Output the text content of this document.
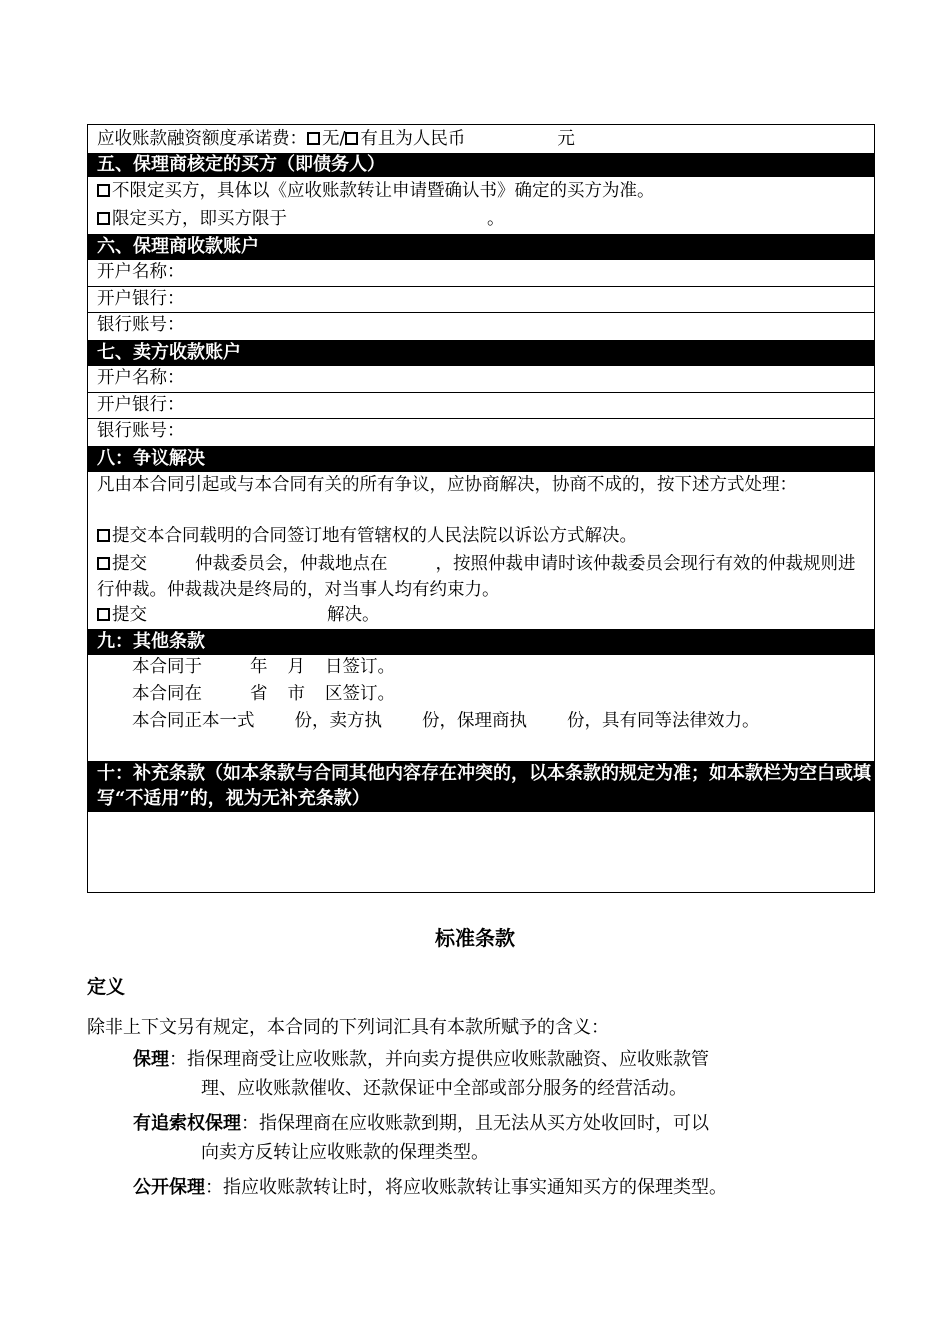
应收账款融资额度承诺费： 无/ 有且为人民币	元
五、保理商核定的买方（即债务人）
不限定买方，具体以《应收账款转让申请暨确认书》确定的买方为准。
限定买方，即买方限于	。
六、保理商收款账户
开户名称：
开户银行：
银行账号：
七、卖方收款账户
开户名称：
开户银行：
银行账号：
八：争议解决
凡由本合同引起或与本合同有关的所有争议，应协商解决，协商不成的，按下述方式处理：
提交本合同载明的合同签订地有管辖权的人民法院以诉讼方式解决。
提交	仲裁委员会，仲裁地点在	，按照仲裁申请时该仲裁委员会现行有效的仲裁规则进行仲裁。仲裁裁决是终局的，对当事人均有约束力。
提交	解决。
九：其他条款
本合同于	年 月 日签订。
本合同在	省 市 区签订。
本合同正本一式 份，卖方执 份，保理商执 份，具有同等法律效力。
十：补充条款（如本条款与合同其他内容存在冲突的，以本条款的规定为准；如本款栏为空白或填写“不适用”的，视为无补充条款）
标准条款
定义
除非上下文另有规定，本合同的下列词汇具有本款所赋予的含义：
保理：指保理商受让应收账款，并向卖方提供应收账款融资、应收账款管
理、应收账款催收、还款保证中全部或部分服务的经营活动。
有追索权保理：指保理商在应收账款到期，且无法从买方处收回时，可以
向卖方反转让应收账款的保理类型。
公开保理：指应收账款转让时，将应收账款转让事实通知买方的保理类型。
